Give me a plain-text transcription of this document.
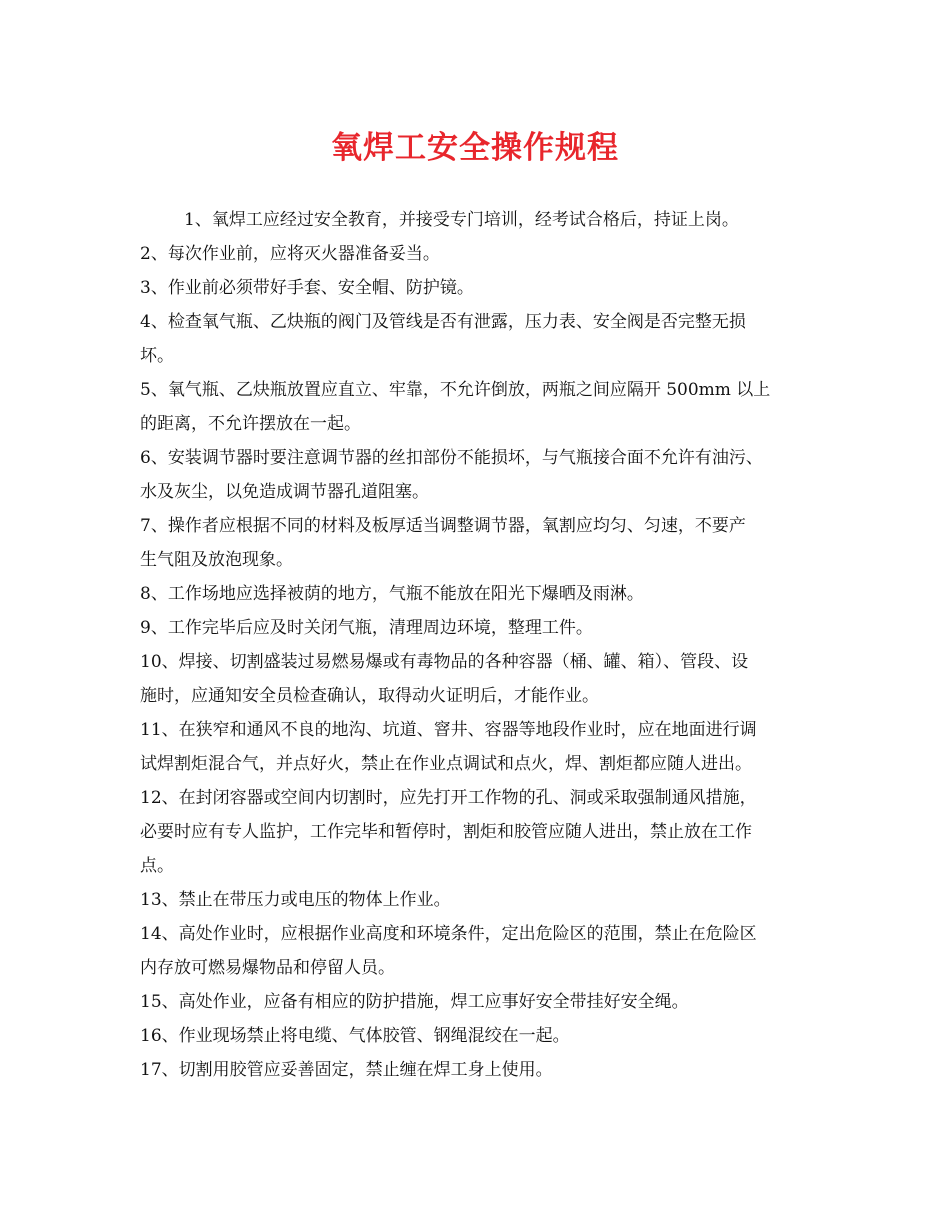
氧焊工安全操作规程
1、氧焊工应经过安全教育，并接受专门培训，经考试合格后，持证上岗。
2、每次作业前，应将灭火器准备妥当。
3、作业前必须带好手套、安全帽、防护镜。
4、检查氧气瓶、乙炔瓶的阀门及管线是否有泄露，压力表、安全阀是否完整无损
坏。
5、氧气瓶、乙炔瓶放置应直立、牢靠，不允许倒放，两瓶之间应隔开 500mm 以上
的距离，不允许摆放在一起。
6、安装调节器时要注意调节器的丝扣部份不能损坏，与气瓶接合面不允许有油污、
水及灰尘，以免造成调节器孔道阻塞。
7、操作者应根据不同的材料及板厚适当调整调节器，氧割应均匀、匀速，不要产
生气阻及放泡现象。
8、工作场地应选择被荫的地方，气瓶不能放在阳光下爆晒及雨淋。
9、工作完毕后应及时关闭气瓶，清理周边环境，整理工件。
10、焊接、切割盛装过易燃易爆或有毒物品的各种容器（桶、罐、箱）、管段、设
施时，应通知安全员检查确认，取得动火证明后，才能作业。
11、在狭窄和通风不良的地沟、坑道、窨井、容器等地段作业时，应在地面进行调
试焊割炬混合气，并点好火，禁止在作业点调试和点火，焊、割炬都应随人进出。
12、在封闭容器或空间内切割时，应先打开工作物的孔、洞或采取强制通风措施，
必要时应有专人监护，工作完毕和暂停时，割炬和胶管应随人进出，禁止放在工作
点。
13、禁止在带压力或电压的物体上作业。
14、高处作业时，应根据作业高度和环境条件，定出危险区的范围，禁止在危险区
内存放可燃易爆物品和停留人员。
15、高处作业，应备有相应的防护措施，焊工应事好安全带挂好安全绳。
16、作业现场禁止将电缆、气体胶管、钢绳混绞在一起。
17、切割用胶管应妥善固定，禁止缠在焊工身上使用。
